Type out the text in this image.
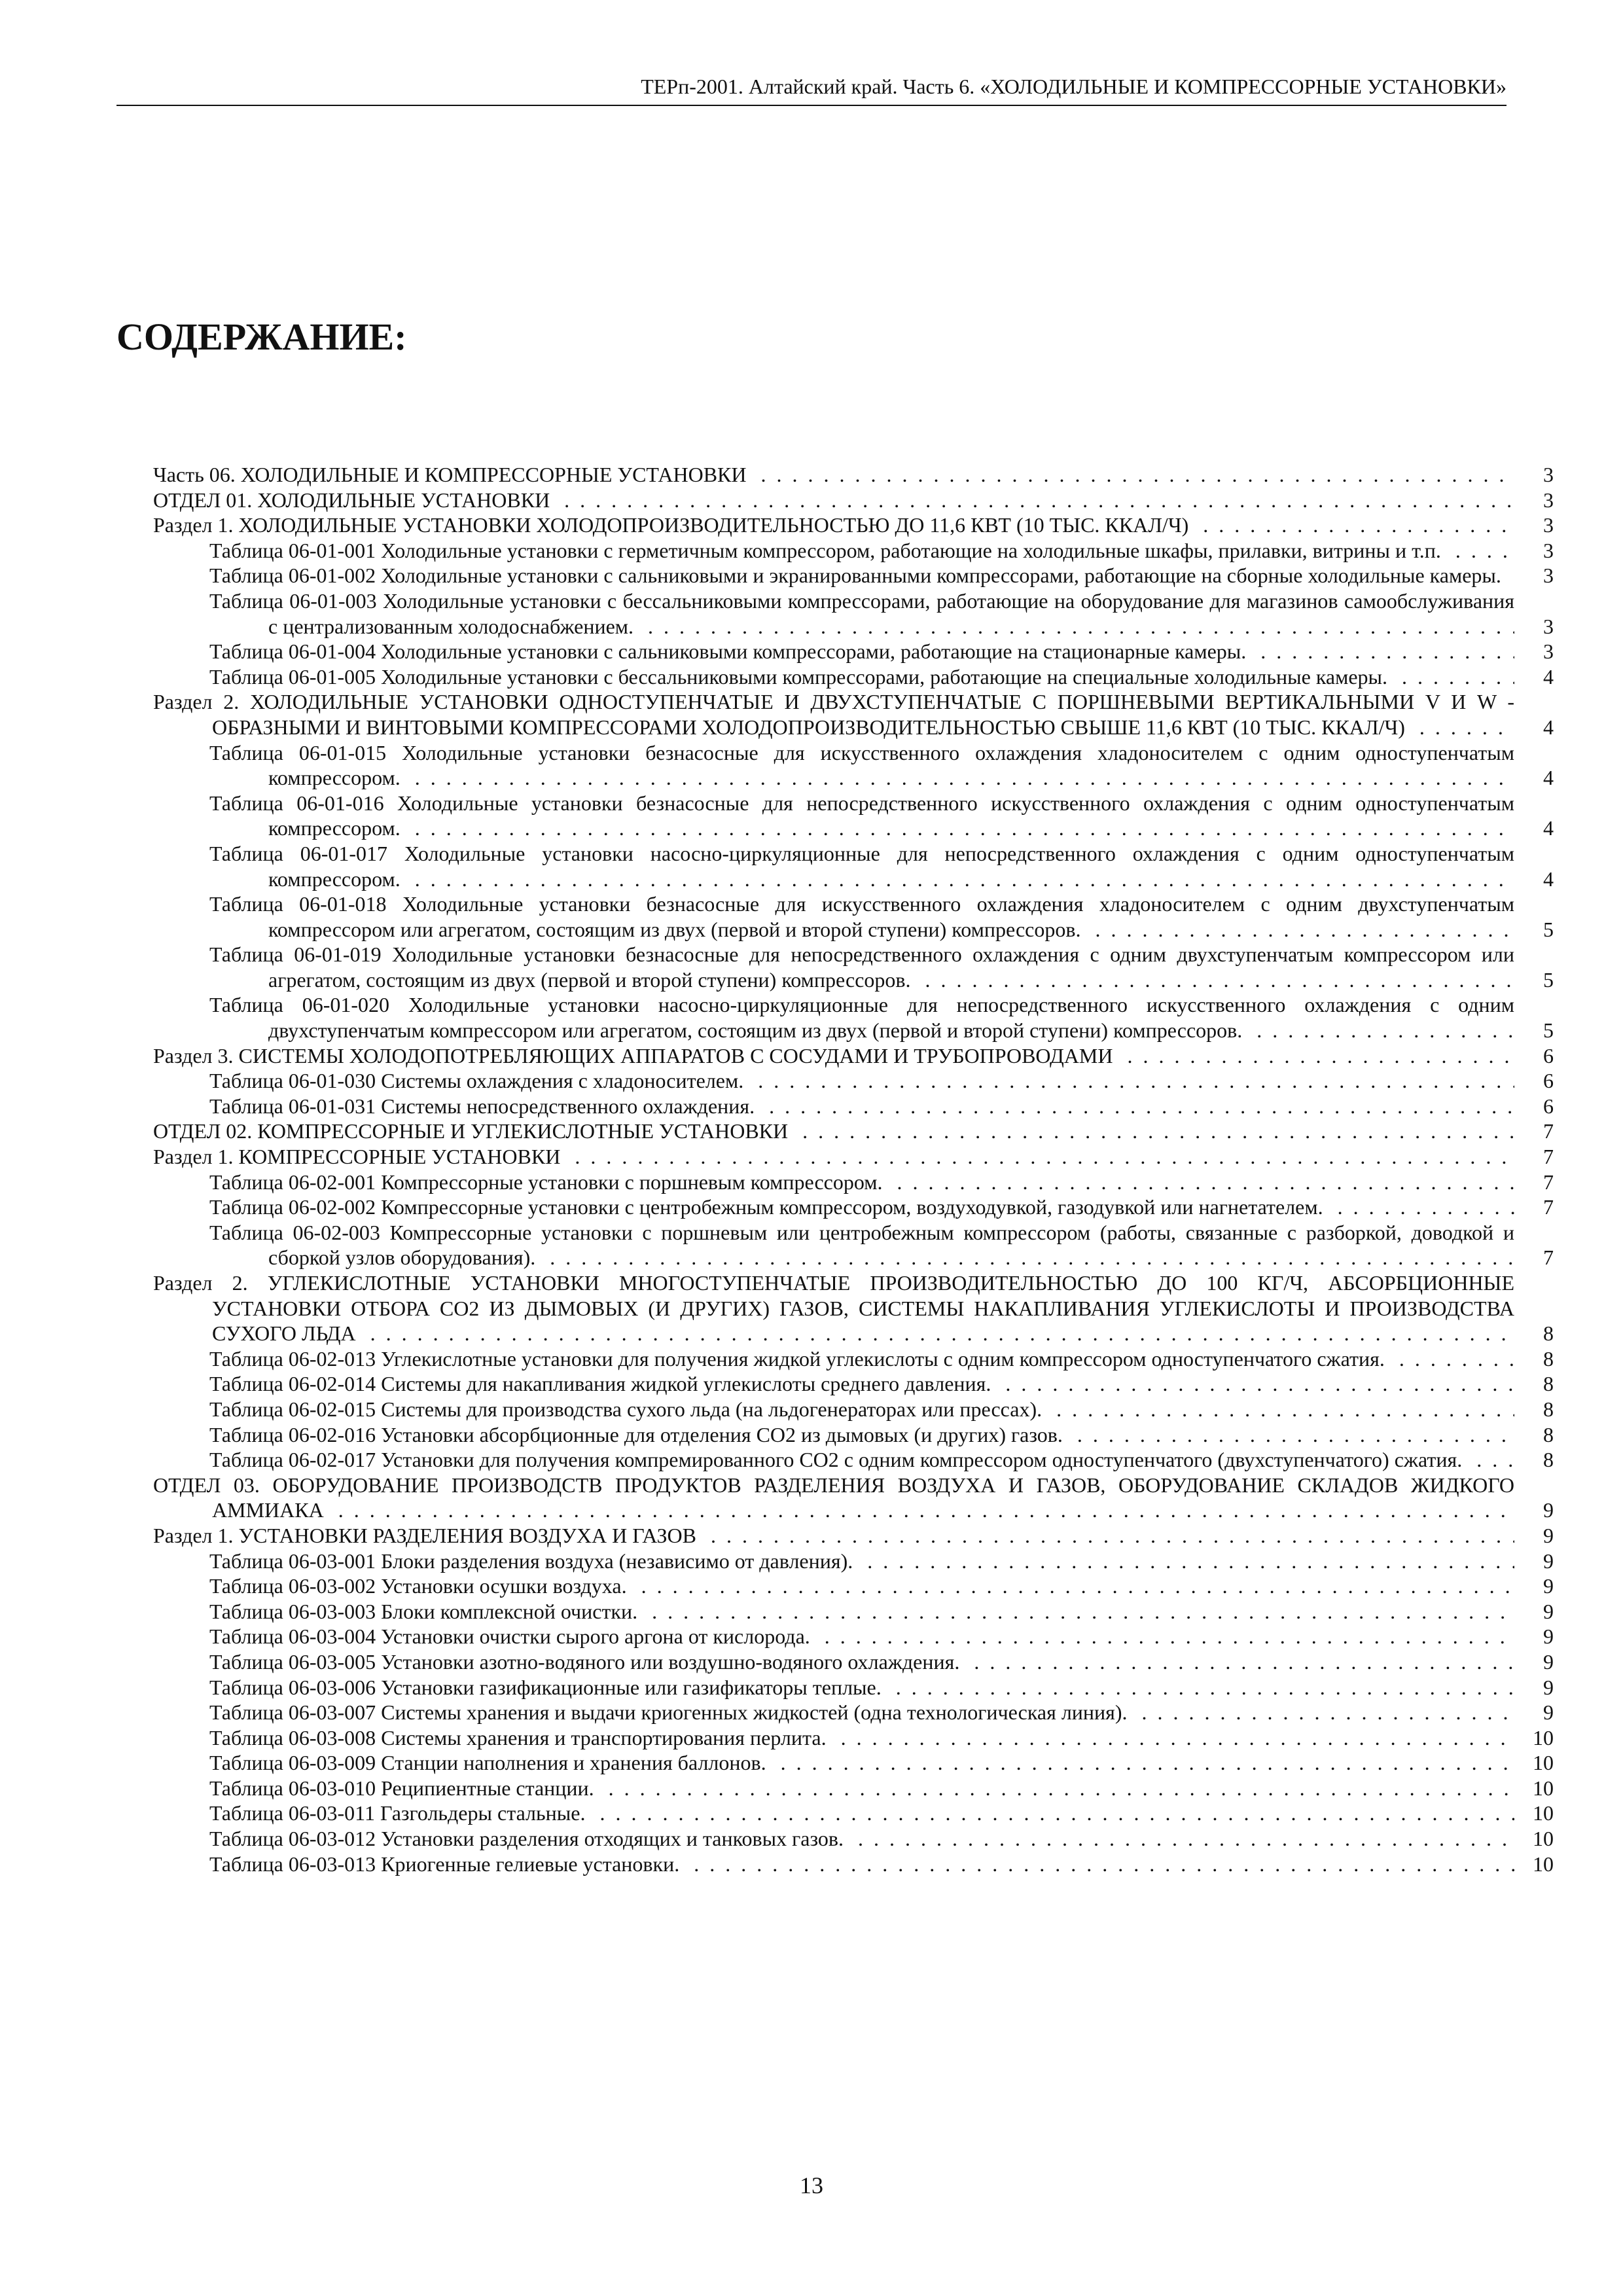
ТЕРп-2001. Алтайский край. Часть 6. «ХОЛОДИЛЬНЫЕ И КОМПРЕССОРНЫЕ УСТАНОВКИ»
СОДЕРЖАНИЕ:
Часть 06. ХОЛОДИЛЬНЫЕ И КОМПРЕССОРНЫЕ УСТАНОВКИ . . .	3
ОТДЕЛ 01. ХОЛОДИЛЬНЫЕ УСТАНОВКИ . . .	3
Раздел 1. ХОЛОДИЛЬНЫЕ УСТАНОВКИ ХОЛОДОПРОИЗВОДИТЕЛЬНОСТЬЮ ДО 11,6 КВТ (10 ТЫС. ККАЛ/Ч) . . .	3
Таблица 06-01-001 Холодильные установки с герметичным компрессором, работающие на холодильные шкафы, прилавки, витрины и т.п. . . .	3
Таблица 06-01-002 Холодильные установки с сальниковыми и экранированными компрессорами, работающие на сборные холодильные камеры. . . .	3
Таблица 06-01-003 Холодильные установки с бессальниковыми компрессорами, работающие на оборудование для магазинов самообслуживания с централизованным холодоснабжением. . . .	3
Таблица 06-01-004 Холодильные установки с сальниковыми компрессорами, работающие на стационарные камеры. . . .	3
Таблица 06-01-005 Холодильные установки с бессальниковыми компрессорами, работающие на специальные холодильные камеры. . . .	4
Раздел 2. ХОЛОДИЛЬНЫЕ УСТАНОВКИ ОДНОСТУПЕНЧАТЫЕ И ДВУХСТУПЕНЧАТЫЕ С ПОРШНЕВЫМИ ВЕРТИКАЛЬНЫМИ V И W - ОБРАЗНЫМИ И ВИНТОВЫМИ КОМПРЕССОРАМИ ХОЛОДОПРОИЗВОДИТЕЛЬНОСТЬЮ СВЫШЕ 11,6 КВТ (10 ТЫС. ККАЛ/Ч) . . .	4
Таблица 06-01-015 Холодильные установки безнасосные для искусственного охлаждения хладоносителем с одним одноступенчатым компрессором. . . .	4
Таблица 06-01-016 Холодильные установки безнасосные для непосредственного искусственного охлаждения с одним одноступенчатым компрессором. . . .	4
Таблица 06-01-017 Холодильные установки насосно-циркуляционные для непосредственного охлаждения с одним одноступенчатым компрессором. . . .	4
Таблица 06-01-018 Холодильные установки безнасосные для искусственного охлаждения хладоносителем с одним двухступенчатым компрессором или агрегатом, состоящим из двух (первой и второй ступени) компрессоров. . . .	5
Таблица 06-01-019 Холодильные установки безнасосные для непосредственного охлаждения с одним двухступенчатым компрессором или агрегатом, состоящим из двух (первой и второй ступени) компрессоров. . . .	5
Таблица 06-01-020 Холодильные установки насосно-циркуляционные для непосредственного искусственного охлаждения с одним двухступенчатым компрессором или агрегатом, состоящим из двух (первой и второй ступени) компрессоров. . . .	5
Раздел 3. СИСТЕМЫ ХОЛОДОПОТРЕБЛЯЮЩИХ АППАРАТОВ С СОСУДАМИ И ТРУБОПРОВОДАМИ . . .	6
Таблица 06-01-030 Системы охлаждения с хладоносителем. . . .	6
Таблица 06-01-031 Системы непосредственного охлаждения. . . .	6
ОТДЕЛ 02. КОМПРЕССОРНЫЕ И УГЛЕКИСЛОТНЫЕ УСТАНОВКИ . . .	7
Раздел 1. КОМПРЕССОРНЫЕ УСТАНОВКИ . . .	7
Таблица 06-02-001 Компрессорные установки с поршневым компрессором. . . .	7
Таблица 06-02-002 Компрессорные установки с центробежным компрессором, воздуходувкой, газодувкой или нагнетателем. . . .	7
Таблица 06-02-003 Компрессорные установки с поршневым или центробежным компрессором (работы, связанные с разборкой, доводкой и сборкой узлов оборудования). . . .	7
Раздел 2. УГЛЕКИСЛОТНЫЕ УСТАНОВКИ МНОГОСТУПЕНЧАТЫЕ ПРОИЗВОДИТЕЛЬНОСТЬЮ ДО 100 КГ/Ч, АБСОРБЦИОННЫЕ УСТАНОВКИ ОТБОРА СО2 ИЗ ДЫМОВЫХ (И ДРУГИХ) ГАЗОВ, СИСТЕМЫ НАКАПЛИВАНИЯ УГЛЕКИСЛОТЫ И ПРОИЗВОДСТВА СУХОГО ЛЬДА . . .	8
Таблица 06-02-013 Углекислотные установки для получения жидкой углекислоты с одним компрессором одноступенчатого сжатия. . . .	8
Таблица 06-02-014 Системы для накапливания жидкой углекислоты среднего давления. . . .	8
Таблица 06-02-015 Системы для производства сухого льда (на льдогенераторах или прессах). . . .	8
Таблица 06-02-016 Установки абсорбционные для отделения СО2 из дымовых (и других) газов. . . .	8
Таблица 06-02-017 Установки для получения компремированного СО2 с одним компрессором одноступенчатого (двухступенчатого) сжатия. . . .	8
ОТДЕЛ 03. ОБОРУДОВАНИЕ ПРОИЗВОДСТВ ПРОДУКТОВ РАЗДЕЛЕНИЯ ВОЗДУХА И ГАЗОВ, ОБОРУДОВАНИЕ СКЛАДОВ ЖИДКОГО АММИАКА . . .	9
Раздел 1. УСТАНОВКИ РАЗДЕЛЕНИЯ ВОЗДУХА И ГАЗОВ . . .	9
Таблица 06-03-001 Блоки разделения воздуха (независимо от давления). . . .	9
Таблица 06-03-002 Установки осушки воздуха. . . .	9
Таблица 06-03-003 Блоки комплексной очистки. . . .	9
Таблица 06-03-004 Установки очистки сырого аргона от кислорода. . . .	9
Таблица 06-03-005 Установки азотно-водяного или воздушно-водяного охлаждения. . . .	9
Таблица 06-03-006 Установки газификационные или газификаторы теплые. . . .	9
Таблица 06-03-007 Системы хранения и выдачи криогенных жидкостей (одна технологическая линия). . . .	9
Таблица 06-03-008 Системы хранения и транспортирования перлита. . . .	10
Таблица 06-03-009 Станции наполнения и хранения баллонов. . . .	10
Таблица 06-03-010 Реципиентные станции. . . .	10
Таблица 06-03-011 Газгольдеры стальные. . . .	10
Таблица 06-03-012 Установки разделения отходящих и танковых газов. . . .	10
Таблица 06-03-013 Криогенные гелиевые установки. . . .	10
13
